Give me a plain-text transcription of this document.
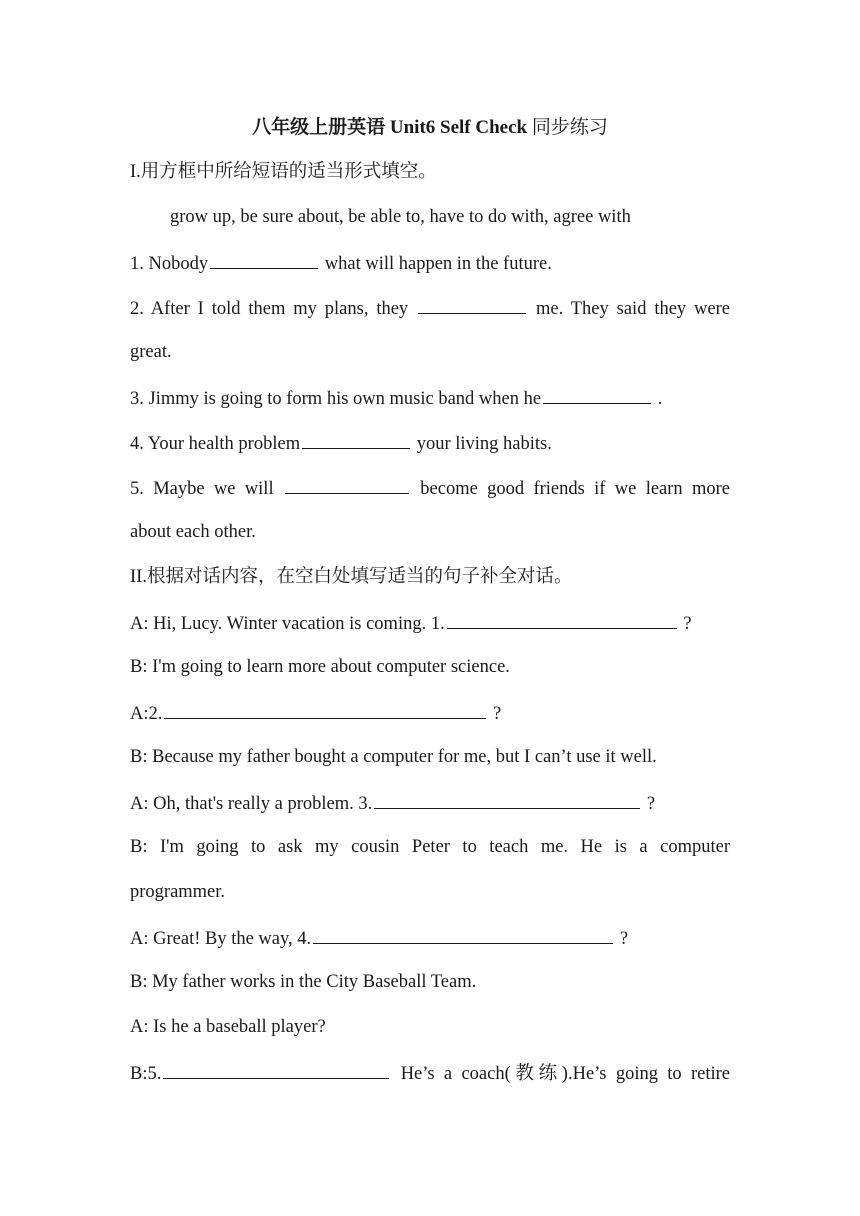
八年级上册英语 Unit6 Self Check 同步练习
I.用方框中所给短语的适当形式填空。
grow up, be sure about, be able to, have to do with, agree with
1. Nobody	what will happen in the future.
2. After I told them my plans, they	me. They said they were
great.
3. Jimmy is going to form his own music band when he	.
4. Your health problem	your living habits.
5. Maybe we will	become good friends if we learn more
about each other.
II.根据对话内容，在空白处填写适当的句子补全对话。
A: Hi, Lucy. Winter vacation is coming. 1.	?
B: I'm going to learn more about computer science.
A:2.	?
B: Because my father bought a computer for me, but I can’t use it well.
A: Oh, that's really a problem. 3.	?
B: I'm going to ask my cousin Peter to teach me. He is a computer
programmer.
A: Great! By the way, 4.	?
B: My father works in the City Baseball Team.
A: Is he a baseball player?
B:5.	He’s a coach(教练).He’s going to retire
